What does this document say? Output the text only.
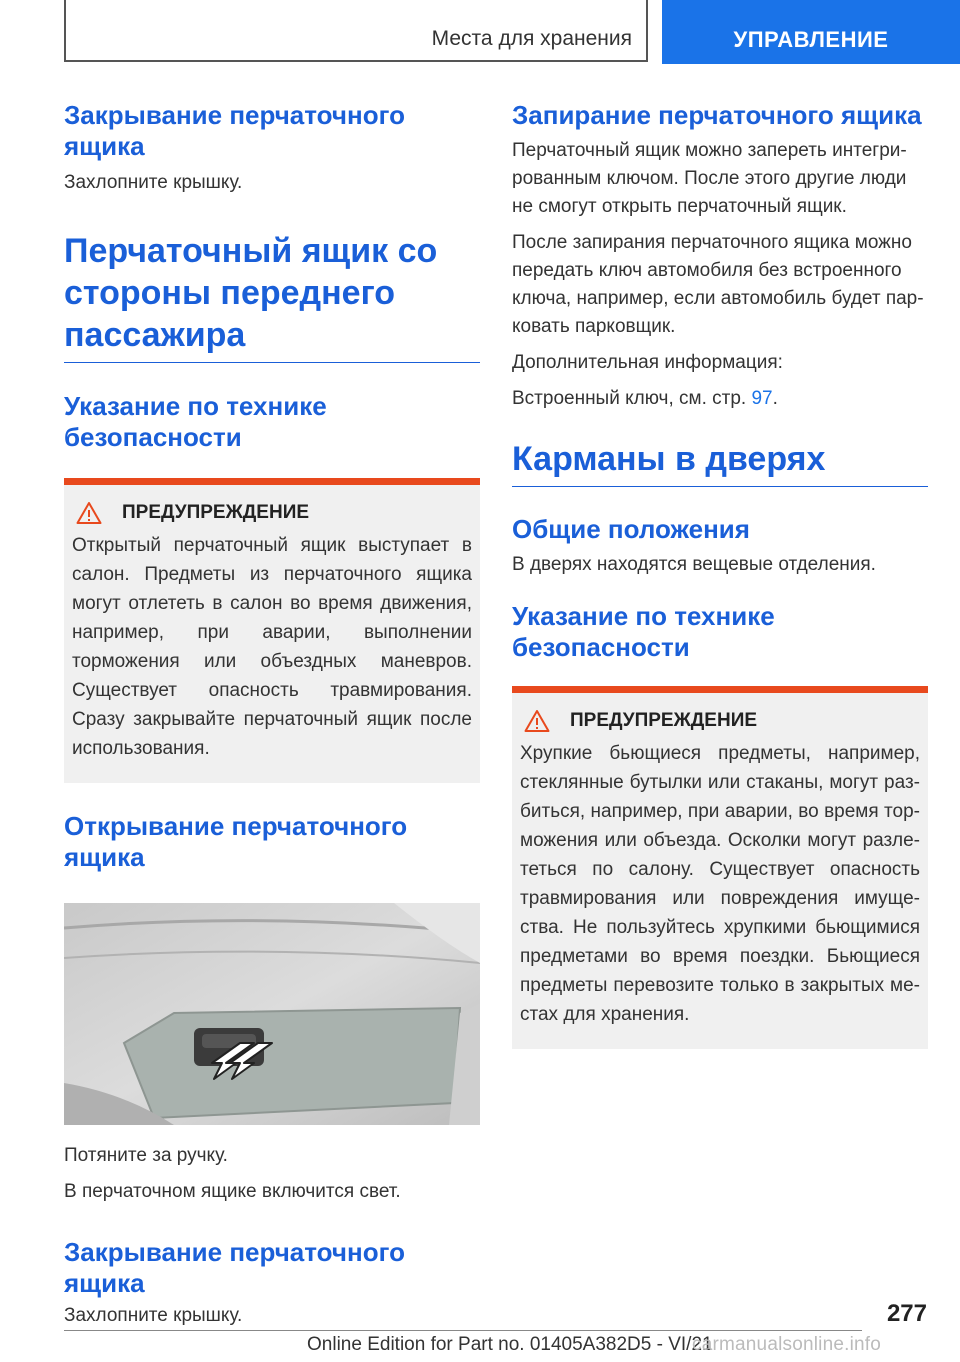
Места для хранения	УПРАВЛЕНИЕ
Закрывание перчаточного ящика

Захлопните крышку.

Перчаточный ящик со стороны переднего пассажира
Указание по технике безопасности
ПРЕДУПРЕЖДЕНИЕ
Открытый перчаточный ящик выступает в салон. Предметы из перчаточного ящика могут отлететь в салон во время движения, например, при аварии, выполнении торможения или объездных маневров. Существует опасность травмирования. Сразу закрывайте перчаточный ящик после использования.
Открывание перчаточного ящика

Потяните за ручку.

В перчаточном ящике включится свет.

Закрывание перчаточного ящика

Захлопните крышку.

Запирание перчаточного ящика

Перчаточный ящик можно запереть интегрированным ключом. После этого другие люди не смогут открыть перчаточный ящик.

После запирания перчаточного ящика можно передать ключ автомобиля без встроенного ключа, например, если автомобиль будет парковать парковщик.

Дополнительная информация:

Встроенный ключ, см. стр. 97.

Карманы в дверях
Общие положения

В дверях находятся вещевые отделения.

Указание по технике безопасности
ПРЕДУПРЕЖДЕНИЕ
Хрупкие бьющиеся предметы, например, стеклянные бутылки или стаканы, могут разбиться, например, при аварии, во время торможения или объезда. Осколки могут разлететься по салону. Существует опасность травмирования или повреждения имущества. Не пользуйтесь хрупкими бьющимися предметами во время поездки. Бьющиеся предметы перевозите только в закрытых местах для хранения.
277
Online Edition for Part no. 01405A382D5 - VI/21
carmanualsonline.info
